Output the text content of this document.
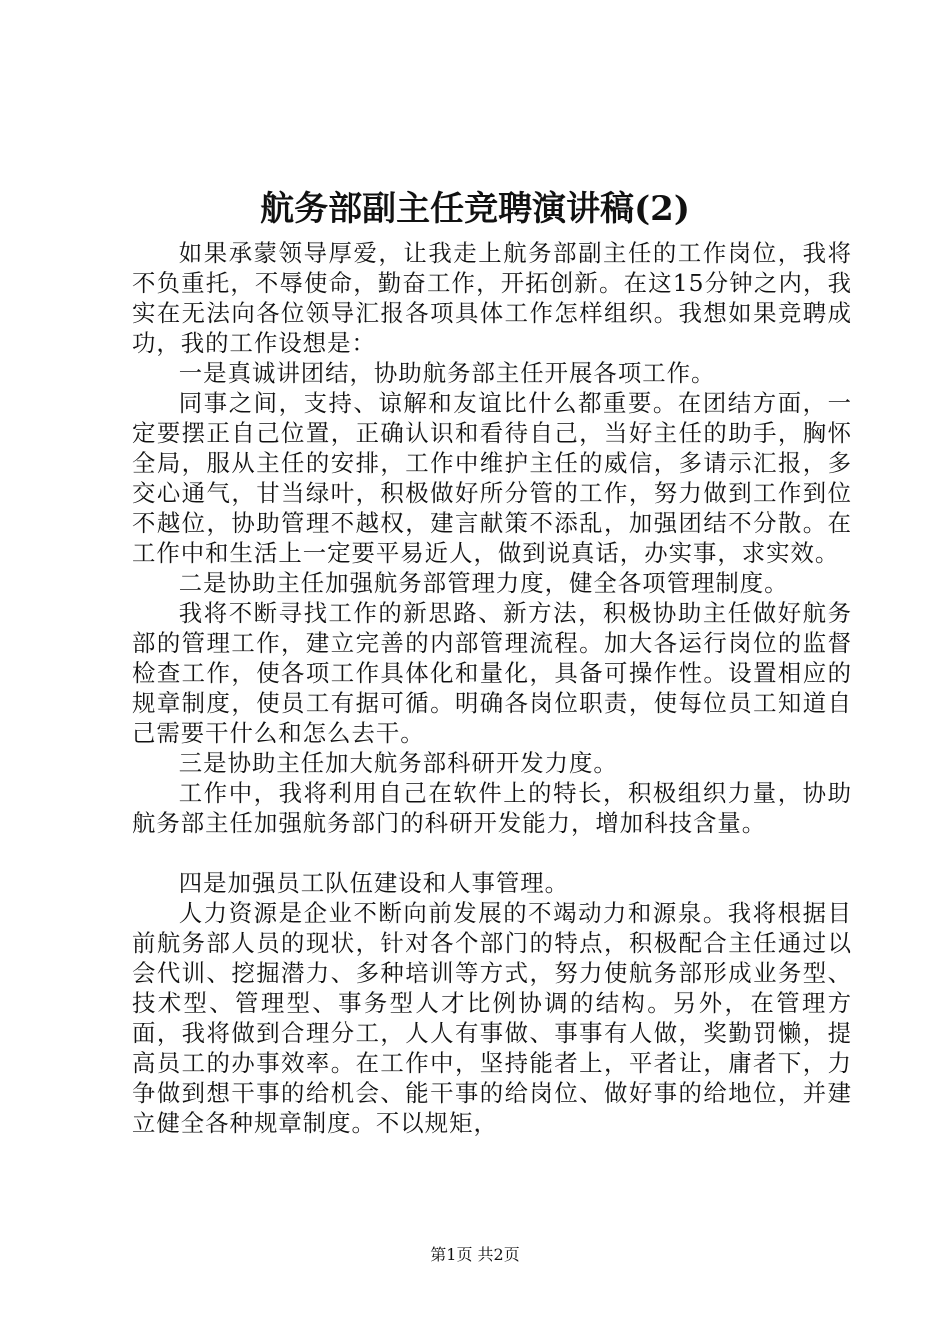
航务部副主任竞聘演讲稿(2)

如果承蒙领导厚爱，让我走上航务部副主任的工作岗位，我将不负重托，不辱使命，勤奋工作，开拓创新。在这15分钟之内，我实在无法向各位领导汇报各项具体工作怎样组织。我想如果竞聘成功，我的工作设想是：

一是真诚讲团结，协助航务部主任开展各项工作。

同事之间，支持、谅解和友谊比什么都重要。在团结方面，一定要摆正自己位置，正确认识和看待自己，当好主任的助手，胸怀全局，服从主任的安排，工作中维护主任的威信，多请示汇报，多交心通气，甘当绿叶，积极做好所分管的工作，努力做到工作到位不越位，协助管理不越权，建言献策不添乱，加强团结不分散。在工作中和生活上一定要平易近人，做到说真话，办实事，求实效。

二是协助主任加强航务部管理力度，健全各项管理制度。

我将不断寻找工作的新思路、新方法，积极协助主任做好航务部的管理工作，建立完善的内部管理流程。加大各运行岗位的监督检查工作，使各项工作具体化和量化，具备可操作性。设置相应的规章制度，使员工有据可循。明确各岗位职责，使每位员工知道自己需要干什么和怎么去干。

三是协助主任加大航务部科研开发力度。

工作中，我将利用自己在软件上的特长，积极组织力量，协助航务部主任加强航务部门的科研开发能力，增加科技含量。

四是加强员工队伍建设和人事管理。

人力资源是企业不断向前发展的不竭动力和源泉。我将根据目前航务部人员的现状，针对各个部门的特点，积极配合主任通过以会代训、挖掘潜力、多种培训等方式，努力使航务部形成业务型、技术型、管理型、事务型人才比例协调的结构。另外，在管理方面，我将做到合理分工，人人有事做、事事有人做，奖勤罚懒，提高员工的办事效率。在工作中，坚持能者上，平者让，庸者下，力争做到想干事的给机会、能干事的给岗位、做好事的给地位，并建立健全各种规章制度。不以规矩，

第1页 共2页
